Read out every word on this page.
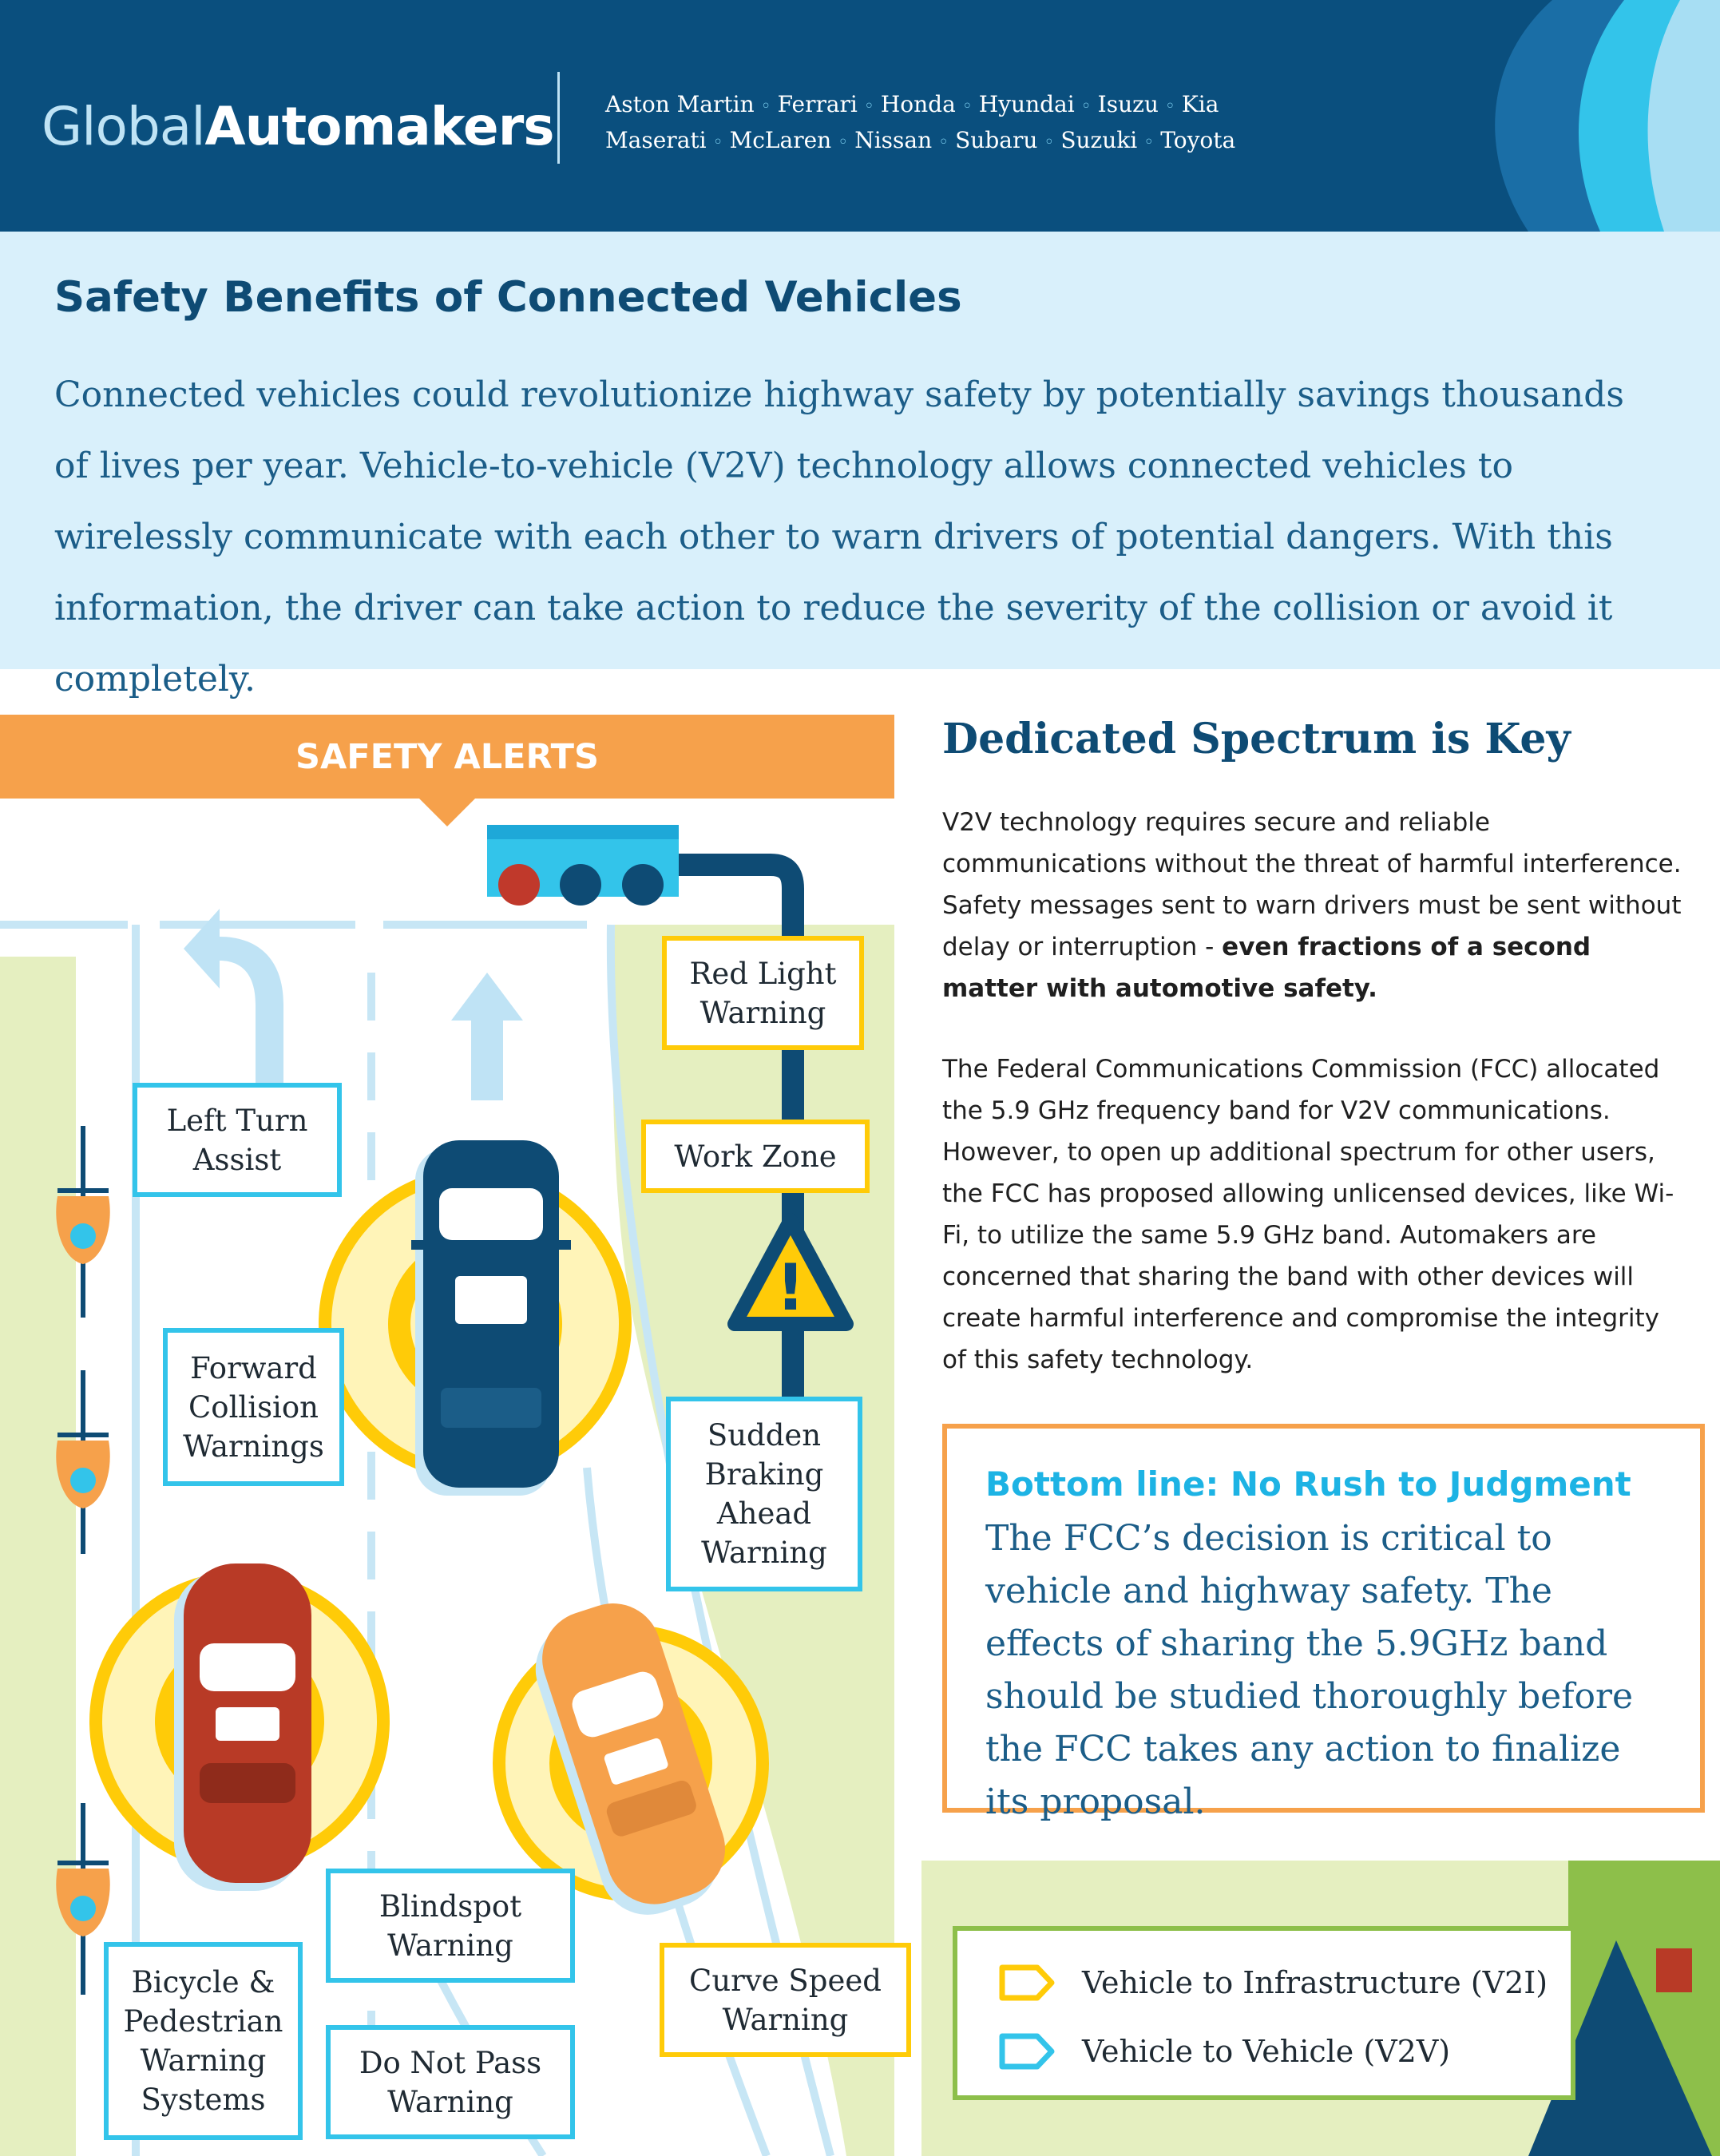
GlobalAutomakers Aston Martin ◦ Ferrari ◦ Honda ◦ Hyundai ◦ Isuzu ◦ Kia
Maserati ◦ McLaren ◦ Nissan ◦ Subaru ◦ Suzuki ◦ Toyota
Safety Benefits of Connected Vehicles

Connected vehicles could revolutionize highway safety by potentially savings thousands of lives per year. Vehicle-to-vehicle (V2V) technology allows connected vehicles to wirelessly communicate with each other to warn drivers of potential dangers. With this information, the driver can take action to reduce the severity of the collision or avoid it completely.

!
SAFETY ALERTS
Red Light Warning
Left Turn Assist	Work Zone
Forward Collision Warnings	Sudden Braking Ahead Warning
Blindspot Warning
Bicycle & Pedestrian Warning Systems
Curve Speed Warning
Do Not Pass Warning
Dedicated Spectrum is Key

V2V technology requires secure and reliable communications without the threat of harmful interference. Safety messages sent to warn drivers must be sent without delay or interruption - even fractions of a second matter with automotive safety.

The Federal Communications Commission (FCC) allocated the 5.9 GHz frequency band for V2V communications. However, to open up additional spectrum for other users, the FCC has proposed allowing unlicensed devices, like Wi-Fi, to utilize the same 5.9 GHz band. Automakers are concerned that sharing the band with other devices will create harmful interference and compromise the integrity of this safety technology.

Bottom line: No Rush to Judgment
The FCC’s decision is critical to vehicle and highway safety. The effects of sharing the 5.9GHz band should be studied thoroughly before the FCC takes any action to finalize its proposal.
Vehicle to Infrastructure (V2I)
Vehicle to Vehicle (V2V)
